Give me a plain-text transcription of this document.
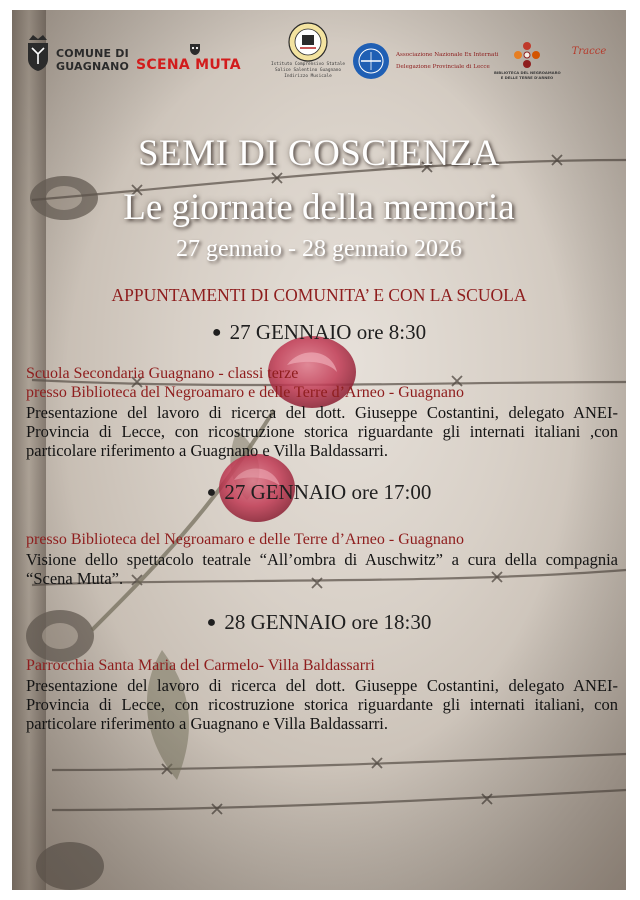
COMUNE DI
GUAGNANO SCENA MUTA	Istituto Comprensivo Statale
Salice Salentino Guagnano
Indirizzo Musicale
Associazione Nazionale Ex Internati
Delegazione Provinciale di Lecce
BIBLIOTECA DEL NEGROAMARO
E DELLE TERRE D'ARNEO
Tracce
SEMI DI COSCIENZA
Le giornate della memoria
27 gennaio - 28 gennaio 2026
APPUNTAMENTI DI COMUNITA’ E CON LA SCUOLA
● 27 GENNAIO ore 8:30
Scuola Secondaria Guagnano - classi terze
presso Biblioteca del Negroamaro e delle Terre d’Arneo - Guagnano
Presentazione del lavoro di ricerca del dott. Giuseppe Costantini, delegato ANEI-Provincia di Lecce, con ricostruzione storica riguardante gli internati italiani ,con particolare riferimento a Guagnano e Villa Baldassarri.
● 27 GENNAIO ore 17:00
presso Biblioteca del Negroamaro e delle Terre d’Arneo - Guagnano
Visione dello spettacolo teatrale “All’ombra di Auschwitz” a cura della compagnia “Scena Muta”.
● 28 GENNAIO ore 18:30
Parrocchia Santa Maria del Carmelo- Villa Baldassarri
Presentazione del lavoro di ricerca del dott. Giuseppe Costantini, delegato ANEI-Provincia di Lecce, con ricostruzione storica riguardante gli internati italiani, con particolare riferimento a Guagnano e Villa Baldassarri.
